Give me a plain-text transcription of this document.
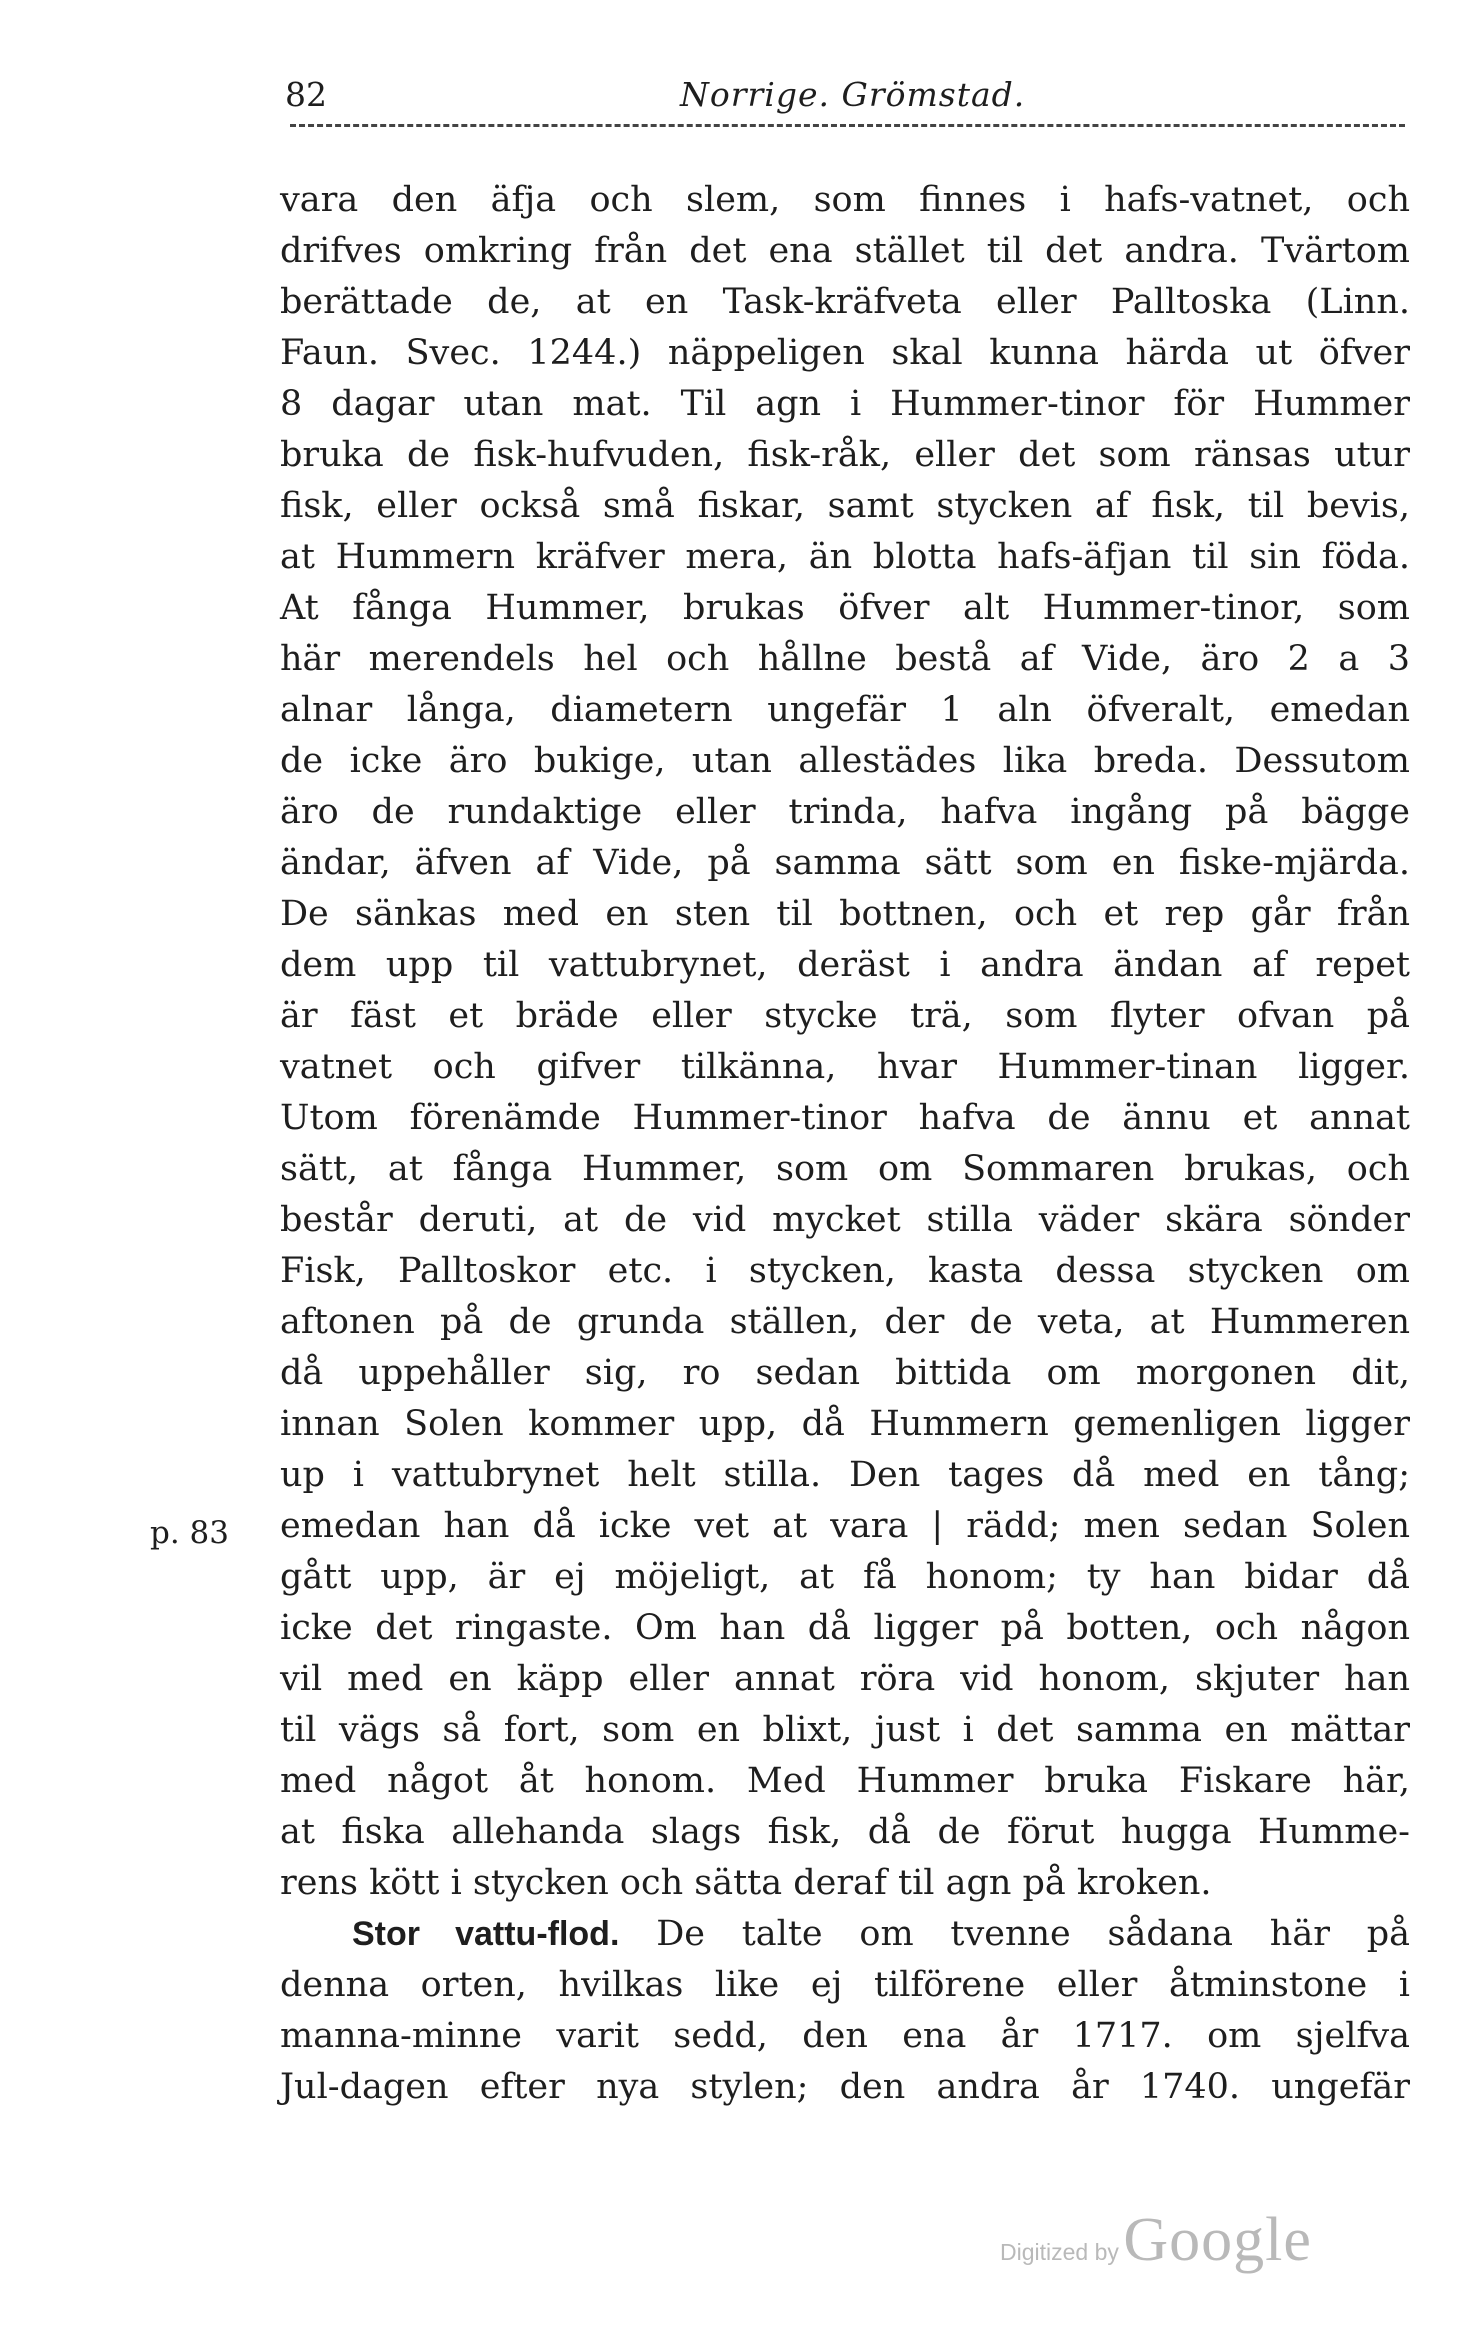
82	Norrige. Grömstad.
p. 83
vara den äfja och slem, som finnes i hafs-vatnet, och
drifves omkring från det ena stället til det andra. Tvärtom
berättade de, at en Task-kräfveta eller Palltoska (Linn.
Faun. Svec. 1244.) näppeligen skal kunna härda ut öfver
8 dagar utan mat. Til agn i Hummer-tinor för Hummer
bruka de fisk-hufvuden, fisk-råk, eller det som ränsas utur
fisk, eller också små fiskar, samt stycken af fisk, til bevis,
at Hummern kräfver mera, än blotta hafs-äfjan til sin föda.
At fånga Hummer, brukas öfver alt Hummer-tinor, som
här merendels hel och hållne bestå af Vide, äro 2 a 3
alnar långa, diametern ungefär 1 aln öfveralt, emedan
de icke äro bukige, utan allestädes lika breda. Dessutom
äro de rundaktige eller trinda, hafva ingång på bägge
ändar, äfven af Vide, på samma sätt som en fiske-mjärda.
De sänkas med en sten til bottnen, och et rep går från
dem upp til vattubrynet, deräst i andra ändan af repet
är fäst et bräde eller stycke trä, som flyter ofvan på
vatnet och gifver tilkänna, hvar Hummer-tinan ligger.
Utom förenämde Hummer-tinor hafva de ännu et annat
sätt, at fånga Hummer, som om Sommaren brukas, och
består deruti, at de vid mycket stilla väder skära sönder
Fisk, Palltoskor etc. i stycken, kasta dessa stycken om
aftonen på de grunda ställen, der de veta, at Hummeren
då uppehåller sig, ro sedan bittida om morgonen dit,
innan Solen kommer upp, då Hummern gemenligen ligger
up i vattubrynet helt stilla. Den tages då med en tång;
emedan han då icke vet at vara | rädd; men sedan Solen
gått upp, är ej möjeligt, at få honom; ty han bidar då
icke det ringaste. Om han då ligger på botten, och någon
vil med en käpp eller annat röra vid honom, skjuter han
til vägs så fort, som en blixt, just i det samma en mättar
med något åt honom. Med Hummer bruka Fiskare här,
at fiska allehanda slags fisk, då de förut hugga Humme-
rens kött i stycken och sätta deraf til agn på kroken.
Stor vattu-flod. De talte om tvenne sådana här på
denna orten, hvilkas like ej tilförene eller åtminstone i
manna-minne varit sedd, den ena år 1717. om sjelfva
Jul-dagen efter nya stylen; den andra år 1740. ungefär
Digitized by Google
